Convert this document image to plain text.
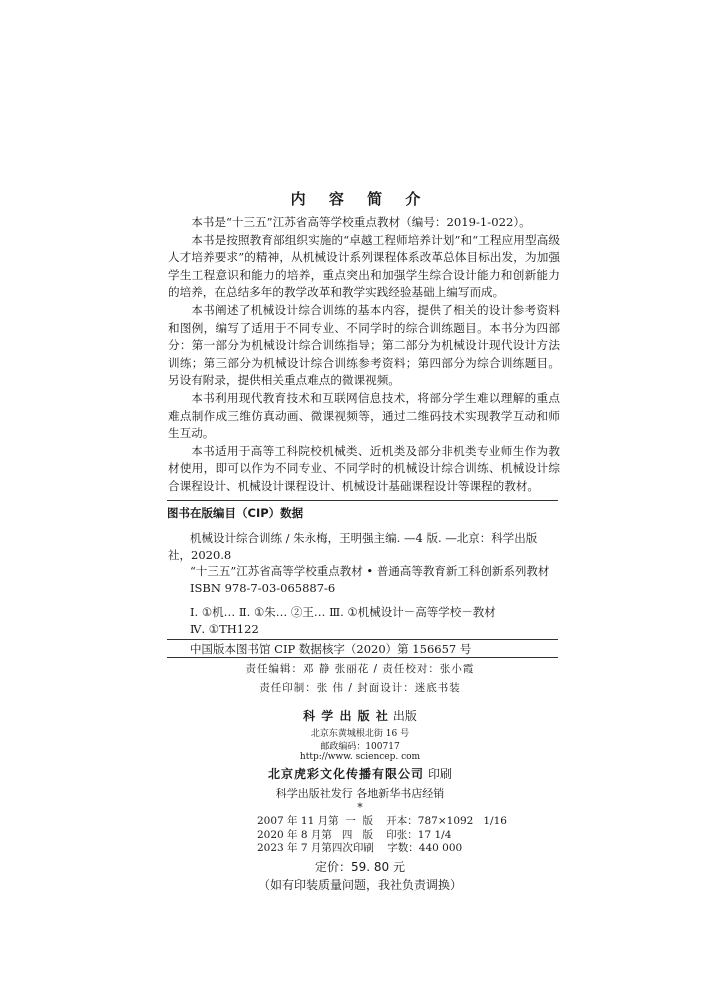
内 容 简 介

本书是“十三五”江苏省高等学校重点教材（编号：2019-1-022）。

本书是按照教育部组织实施的“卓越工程师培养计划”和“工程应用型高级人才培养要求”的精神，从机械设计系列课程体系改革总体目标出发，为加强学生工程意识和能力的培养，重点突出和加强学生综合设计能力和创新能力的培养，在总结多年的教学改革和教学实践经验基础上编写而成。

本书阐述了机械设计综合训练的基本内容，提供了相关的设计参考资料和图例，编写了适用于不同专业、不同学时的综合训练题目。本书分为四部分：第一部分为机械设计综合训练指导；第二部分为机械设计现代设计方法训练；第三部分为机械设计综合训练参考资料；第四部分为综合训练题目。另设有附录，提供相关重点难点的微课视频。

本书利用现代教育技术和互联网信息技术，将部分学生难以理解的重点难点制作成三维仿真动画、微课视频等，通过二维码技术实现教学互动和师生互动。

本书适用于高等工科院校机械类、近机类及部分非机类专业师生作为教材使用，即可以作为不同专业、不同学时的机械设计综合训练、机械设计综合课程设计、机械设计课程设计、机械设计基础课程设计等课程的教材。

图书在版编目（CIP）数据
机械设计综合训练 / 朱永梅，王明强主编. —4 版. —北京：科学出版
社，2020.8
“十三五”江苏省高等学校重点教材 • 普通高等教育新工科创新系列教材
ISBN 978-7-03-065887-6
Ⅰ. ①机… Ⅱ. ①朱… ②王… Ⅲ. ①机械设计－高等学校－教材
Ⅳ. ①TH122
中国版本图书馆 CIP 数据核字（2020）第 156657 号
责任编辑：邓 静 张丽花 / 责任校对：张小霞
责任印制：张 伟 / 封面设计：迷底书装
科 学 出 版 社 出版
北京东黄城根北街 16 号
邮政编码：100717
http://www. sciencep. com
北京虎彩文化传播有限公司 印刷
科学出版社发行 各地新华书店经销
*
2007 年 11 月第  一  版    开本：787×1092   1/16
2020 年 8 月第   四   版    印张：17 1/4
2023 年 7 月第四次印刷    字数：440 000
定价：59. 80 元
（如有印装质量问题，我社负责调换）
